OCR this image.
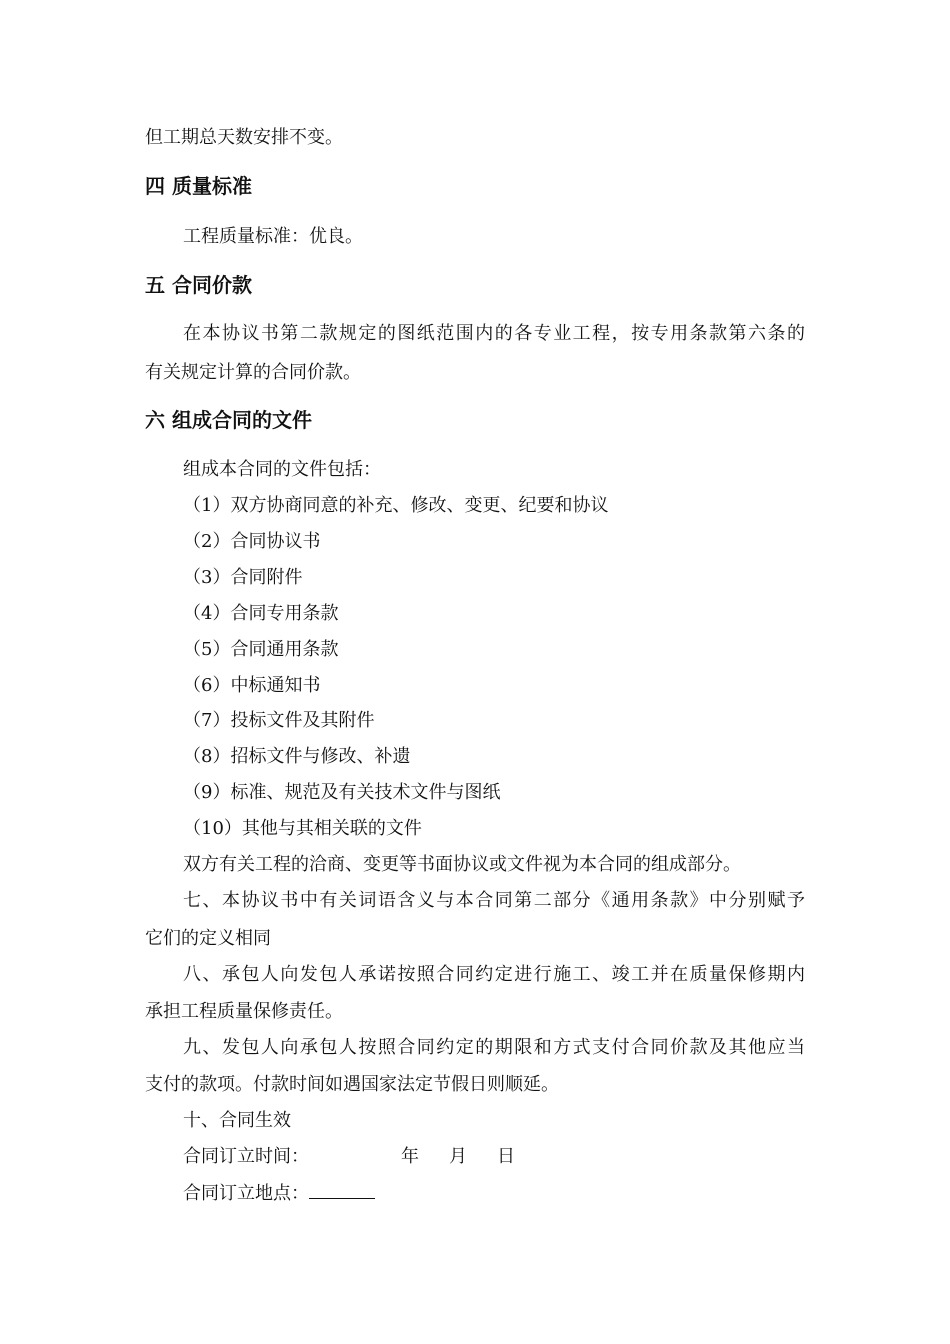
但工期总天数安排不变。
四 质量标准
工程质量标准：优良。
五 合同价款
在本协议书第二款规定的图纸范围内的各专业工程，按专用条款第六条的
有关规定计算的合同价款。
六 组成合同的文件
组成本合同的文件包括：
（1）双方协商同意的补充、修改、变更、纪要和协议
（2）合同协议书
（3）合同附件
（4）合同专用条款
（5）合同通用条款
（6）中标通知书
（7）投标文件及其附件
（8）招标文件与修改、补遗
（9）标准、规范及有关技术文件与图纸
（10）其他与其相关联的文件
双方有关工程的洽商、变更等书面协议或文件视为本合同的组成部分。
七、本协议书中有关词语含义与本合同第二部分《通用条款》中分别赋予
它们的定义相同
八、承包人向发包人承诺按照合同约定进行施工、竣工并在质量保修期内
承担工程质量保修责任。
九、发包人向承包人按照合同约定的期限和方式支付合同价款及其他应当
支付的款项。付款时间如遇国家法定节假日则顺延。
十、合同生效
合同订立时间：	年 月 日
合同订立地点：
